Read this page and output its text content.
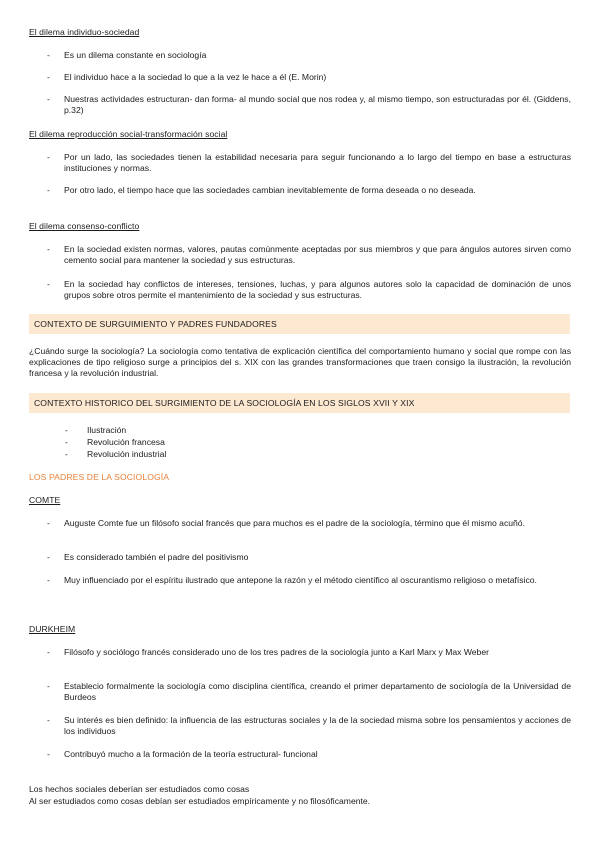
El dilema individuo-sociedad
- Es un dilema constante en sociología
- El individuo hace a la sociedad lo que a la vez le hace a él (E. Morin)
- Nuestras actividades estructuran- dan forma- al mundo social que nos rodea y, al mismo tiempo, son estructuradas por él. (Giddens, p.32)
El dilema reproducción social-transformación social
- Por un lado, las sociedades tienen la estabilidad necesaria para seguir funcionando a lo largo del tiempo en base a estructuras instituciones y normas.
- Por otro lado, el tiempo hace que las sociedades cambian inevitablemente de forma deseada o no deseada.
El dilema consenso-conflicto
- En la sociedad existen normas, valores, pautas comúnmente aceptadas por sus miembros y que para ángulos autores sirven como cemento social para mantener la sociedad y sus estructuras.
- En la sociedad hay conflictos de intereses, tensiones, luchas, y para algunos autores solo la capacidad de dominación de unos grupos sobre otros permite el mantenimiento de la sociedad y sus estructuras.
CONTEXTO DE SURGUIMIENTO Y PADRES FUNDADORES
¿Cuándo surge la sociología? La sociología como tentativa de explicación científica del comportamiento humano y social que rompe con las explicaciones de tipo religioso surge a principios del s. XIX con las grandes transformaciones que traen consigo la ilustración, la revolución francesa y la revolución industrial.
CONTEXTO HISTORICO DEL SURGIMIENTO DE LA SOCIOLOGÍA EN LOS SIGLOS XVII Y XIX
- Ilustración
- Revolución francesa
- Revolución industrial
LOS PADRES DE LA SOCIOLOGÍA
COMTE
- Auguste Comte fue un filósofo social francés que para muchos es el padre de la sociología, término que él mismo acuñó.
- Es considerado también el padre del positivismo
- Muy influenciado por el espíritu ilustrado que antepone la razón y el método científico al oscurantismo religioso o metafísico.
DURKHEIM
- Filósofo y sociólogo francés considerado uno de los tres padres de la sociología junto a Karl Marx y Max Weber
- Establecio formalmente la sociología como disciplina científica, creando el primer departamento de sociología de la Universidad de Burdeos
- Su interés es bien definido: la influencia de las estructuras sociales y la de la sociedad misma sobre los pensamientos y acciones de los individuos
- Contribuyó mucho a la formación de la teoría estructural- funcional
Los hechos sociales deberían ser estudiados como cosas
Al ser estudiados como cosas debían ser estudiados empíricamente y no filosóficamente.
